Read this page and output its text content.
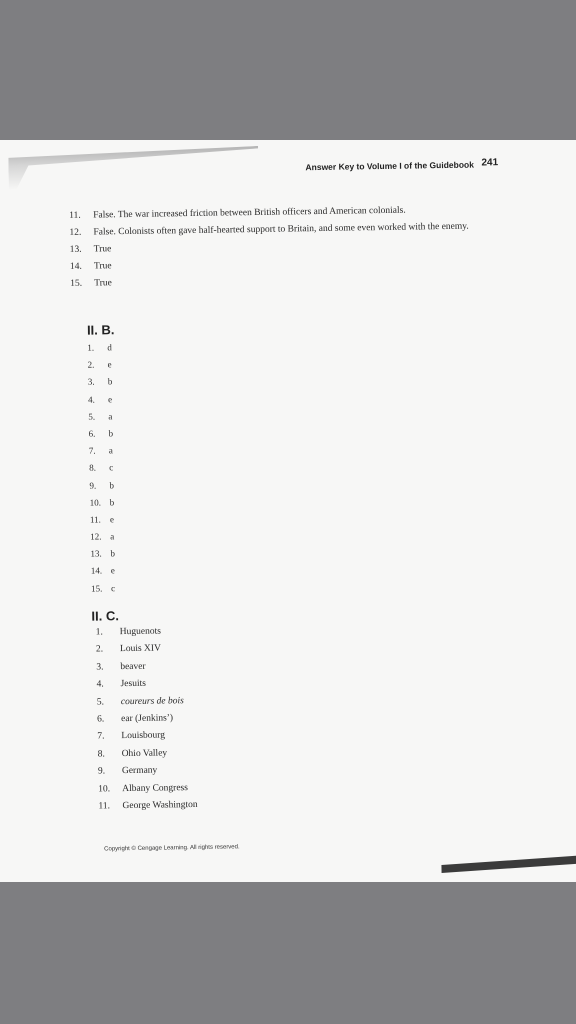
Answer Key to Volume I of the Guidebook 241
11.	False. The war increased friction between British officers and American colonials.
12.	False. Colonists often gave half-hearted support to Britain, and some even worked with the enemy.
13.	True
14.	True
15.	True
II. B.
1.	d
2.	e
3.	b
4.	e
5.	a
6.	b
7.	a
8.	c
9.	b
10. b
11. e
12. a
13. b
14. e
15. c
II. C.
1.	Huguenots
2.	Louis XIV
3.	beaver
4.	Jesuits
5.	coureurs de bois
6.	ear (Jenkins’)
7.	Louisbourg
8.	Ohio Valley
9.	Germany
10.	Albany Congress
11.	George Washington
Copyright © Cengage Learning. All rights reserved.
